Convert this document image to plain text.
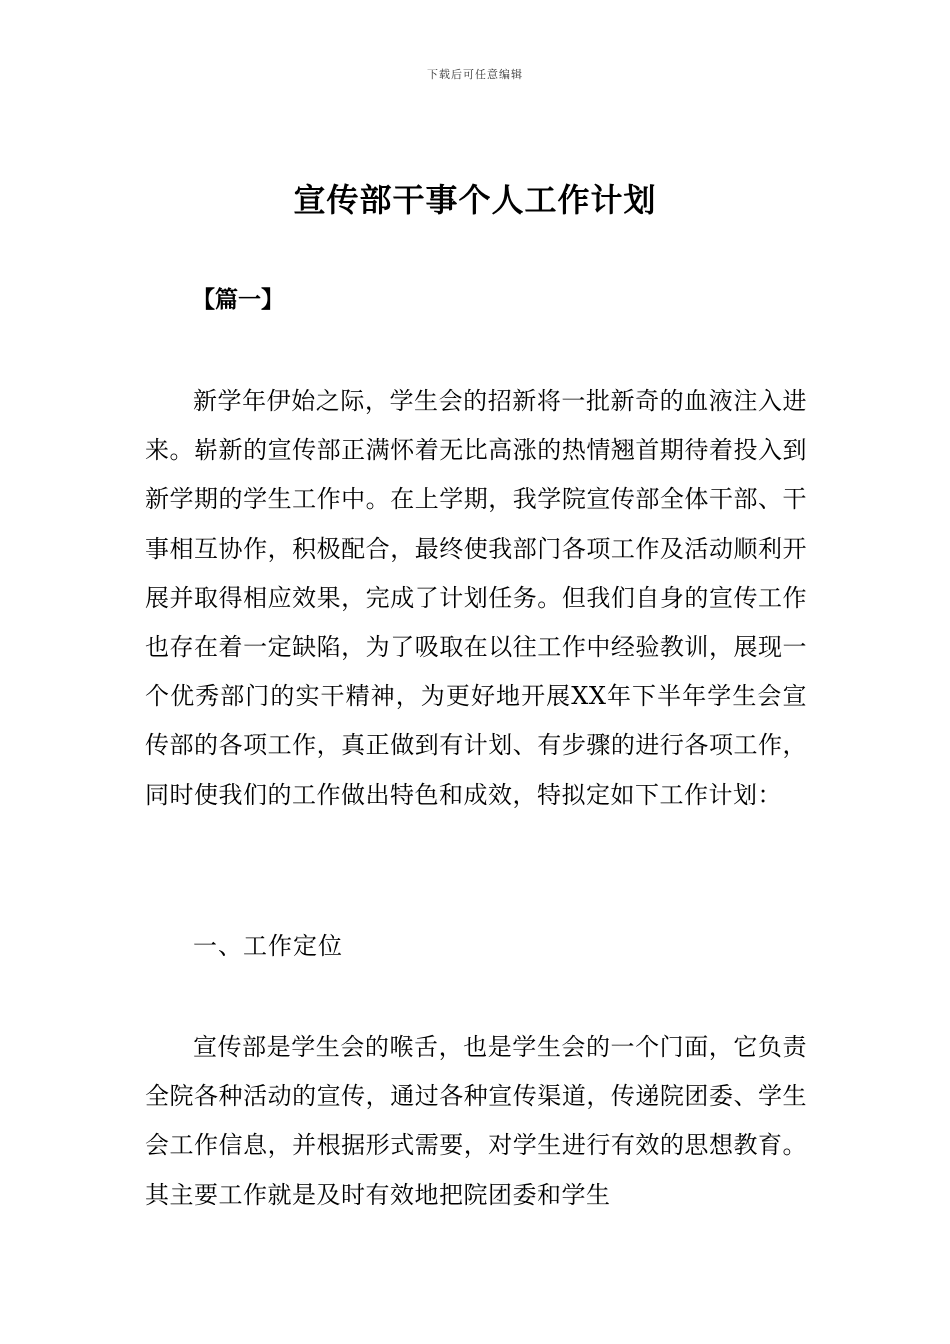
下载后可任意编辑
宣传部干事个人工作计划
【篇一】

新学年伊始之际，学生会的招新将一批新奇的血液注入进来。崭新的宣传部正满怀着无比高涨的热情翘首期待着投入到新学期的学生工作中。在上学期，我学院宣传部全体干部、干事相互协作，积极配合，最终使我部门各项工作及活动顺利开展并取得相应效果，完成了计划任务。但我们自身的宣传工作也存在着一定缺陷，为了吸取在以往工作中经验教训，展现一个优秀部门的实干精神，为更好地开展XX年下半年学生会宣传部的各项工作，真正做到有计划、有步骤的进行各项工作，同时使我们的工作做出特色和成效，特拟定如下工作计划：

一、工作定位

宣传部是学生会的喉舌，也是学生会的一个门面，它负责全院各种活动的宣传，通过各种宣传渠道，传递院团委、学生会工作信息，并根据形式需要，对学生进行有效的思想教育。其主要工作就是及时有效地把院团委和学生
